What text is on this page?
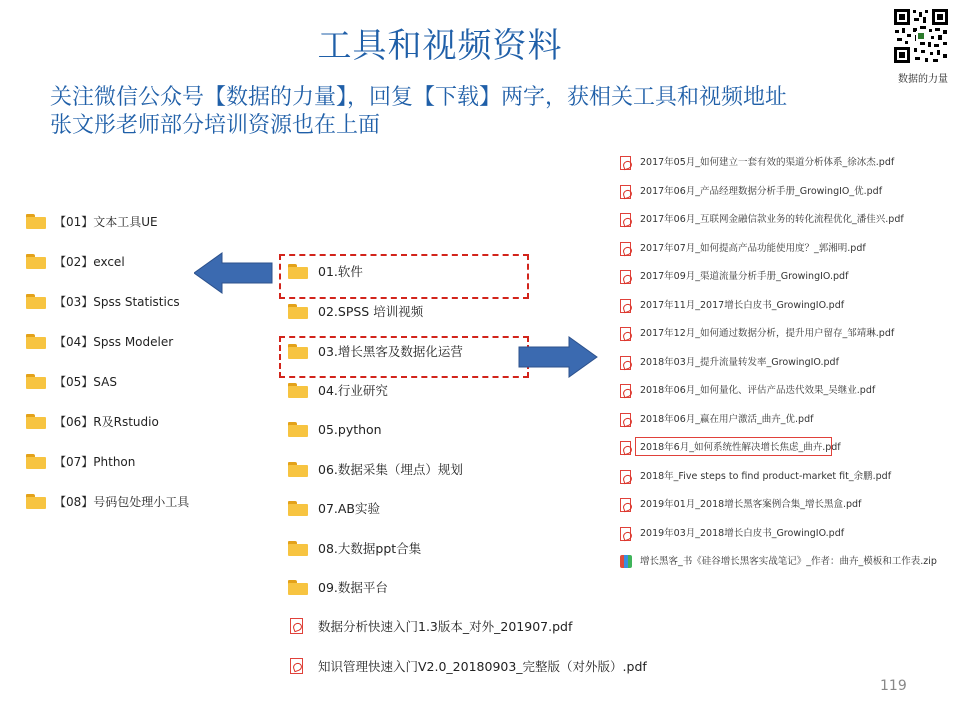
工具和视频资料
关注微信公众号【数据的力量】，回复【下载】两字，获相关工具和视频地址
张文彤老师部分培训资源也在上面
数据的力量
【01】文本工具UE
【02】excel
【03】Spss Statistics
【04】Spss Modeler
【05】SAS
【06】R及Rstudio
【07】Phthon
【08】号码包处理小工具
01.软件
02.SPSS 培训视频
03.增长黑客及数据化运营
04.行业研究
05.python
06.数据采集（埋点）规划
07.AB实验
08.大数据ppt合集
09.数据平台
数据分析快速入门1.3版本_对外_201907.pdf
知识管理快速入门V2.0_20180903_完整版（对外版）.pdf
2017年05月_如何建立一套有效的渠道分析体系_徐冰杰.pdf
2017年06月_产品经理数据分析手册_GrowingIO_优.pdf
2017年06月_互联网金融信款业务的转化流程优化_潘佳兴.pdf
2017年07月_如何提高产品功能使用度？_郭湘明.pdf
2017年09月_渠道流量分析手册_GrowingIO.pdf
2017年11月_2017增长白皮书_GrowingIO.pdf
2017年12月_如何通过数据分析，提升用户留存_邹靖琳.pdf
2018年03月_提升流量转发率_GrowingIO.pdf
2018年06月_如何量化、评估产品迭代效果_吴继业.pdf
2018年06月_赢在用户激活_曲卉_优.pdf
2018年6月_如何系统性解决增长焦虑_曲卉.pdf
2018年_Five steps to find product-market fit_余鹏.pdf
2019年01月_2018增长黑客案例合集_增长黑盒.pdf
2019年03月_2018增长白皮书_GrowingIO.pdf
增长黑客_书《硅谷增长黑客实战笔记》_作者：曲卉_模板和工作表.zip
119
